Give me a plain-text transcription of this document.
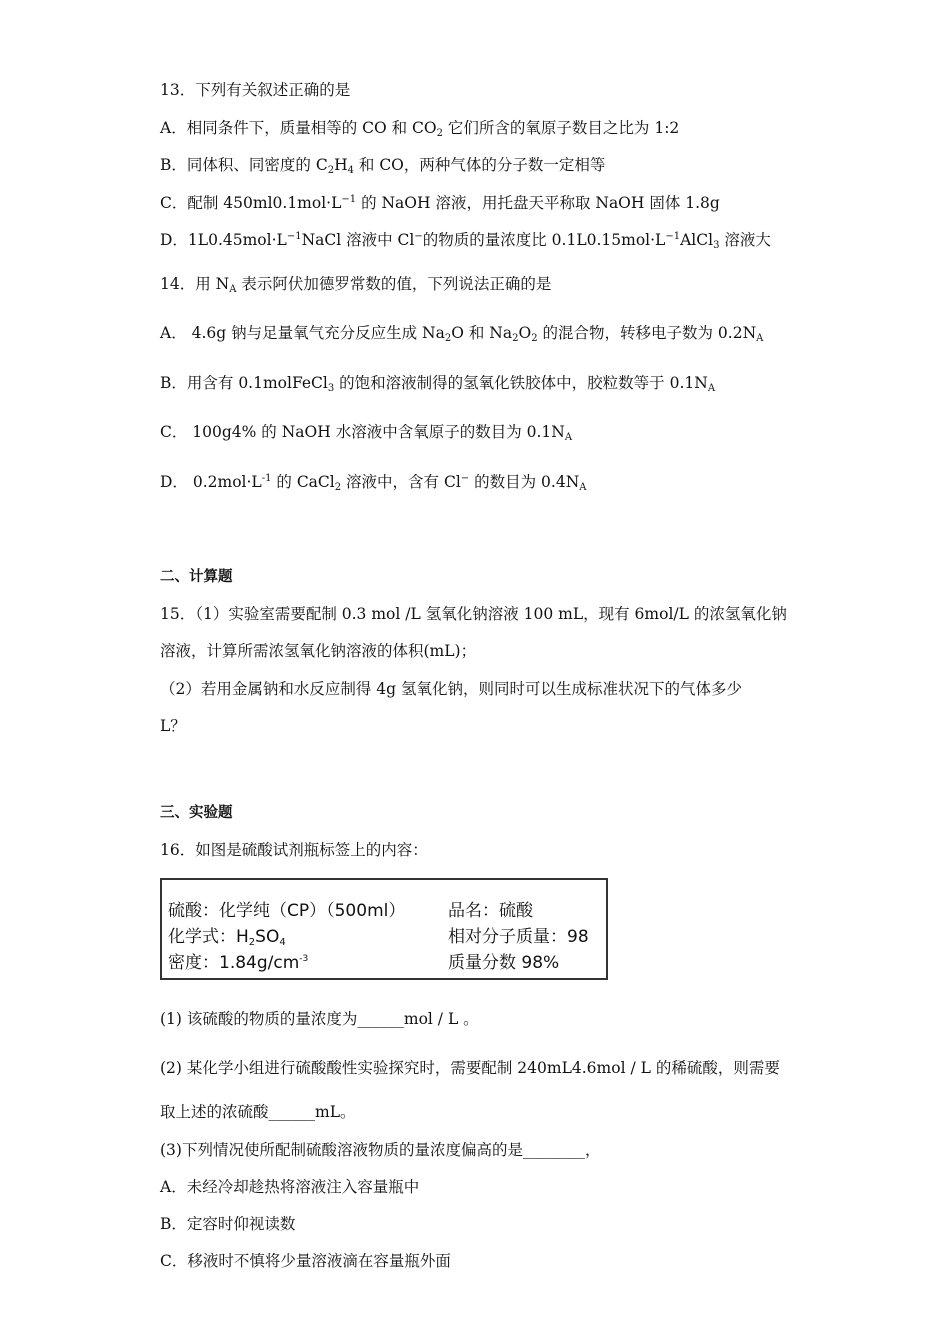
13．下列有关叙述正确的是
A．相同条件下，质量相等的 CO 和 $CO_2$ 它们所含的氧原子数目之比为 1:2
B．同体积、同密度的 $C_2H_4$ 和 CO，两种气体的分子数一定相等
C．配制 $450ml0.1mol\cdot L^{-1}$ 的 NaOH 溶液，用托盘天平称取 NaOH 固体 1.8g
D．$1L0.45mol\cdot L^{-1}NaCl$ 溶液中 Cl−的物质的量浓度比 $0.1L0.15mol\cdot L^{-1}AlCl_3$ 溶液大
14．用 $N_A$ 表示阿伏加德罗常数的值，下列说法正确的是
A． 4.6g 钠与足量氧气充分反应生成 $Na_2O$ 和 $Na_2O_2$ 的混合物，转移电子数为 $0.2N_A$
B．用含有 0.1molFeCl$_3$ 的饱和溶液制得的氢氧化铁胶体中，胶粒数等于 $0.1N_A$
C． 100g4% 的 NaOH 水溶液中含氧原子的数目为 $0.1N_A$
D． $0.2mol\cdot L^{-1}$ 的 CaCl$_2$ 溶液中，含有 Cl− 的数目为 $0.4N_A$
二、计算题
15．（1）实验室需要配制 0.3 mol /L 氢氧化钠溶液 100 mL，现有 6mol/L 的浓氢氧化钠
溶液，计算所需浓氢氧化钠溶液的体积(mL)；
（2）若用金属钠和水反应制得 4g 氢氧化钠，则同时可以生成标准状况下的气体多少
L？
三、实验题
16．如图是硫酸试剂瓶标签上的内容：
硫酸：化学纯（CP）（500ml）	品名：硫酸
化学式：$H_2SO_4$	相对分子质量：98
密度：$1.84g/cm^{-3}$	质量分数 98%
(1) 该硫酸的物质的量浓度为______mol / L 。
(2) 某化学小组进行硫酸酸性实验探究时，需要配制 240mL4.6mol / L 的稀硫酸，则需要
取上述的浓硫酸______mL。
(3)下列情况使所配制硫酸溶液物质的量浓度偏高的是________，
A．未经冷却趁热将溶液注入容量瓶中
B．定容时仰视读数
C．移液时不慎将少量溶液滴在容量瓶外面
